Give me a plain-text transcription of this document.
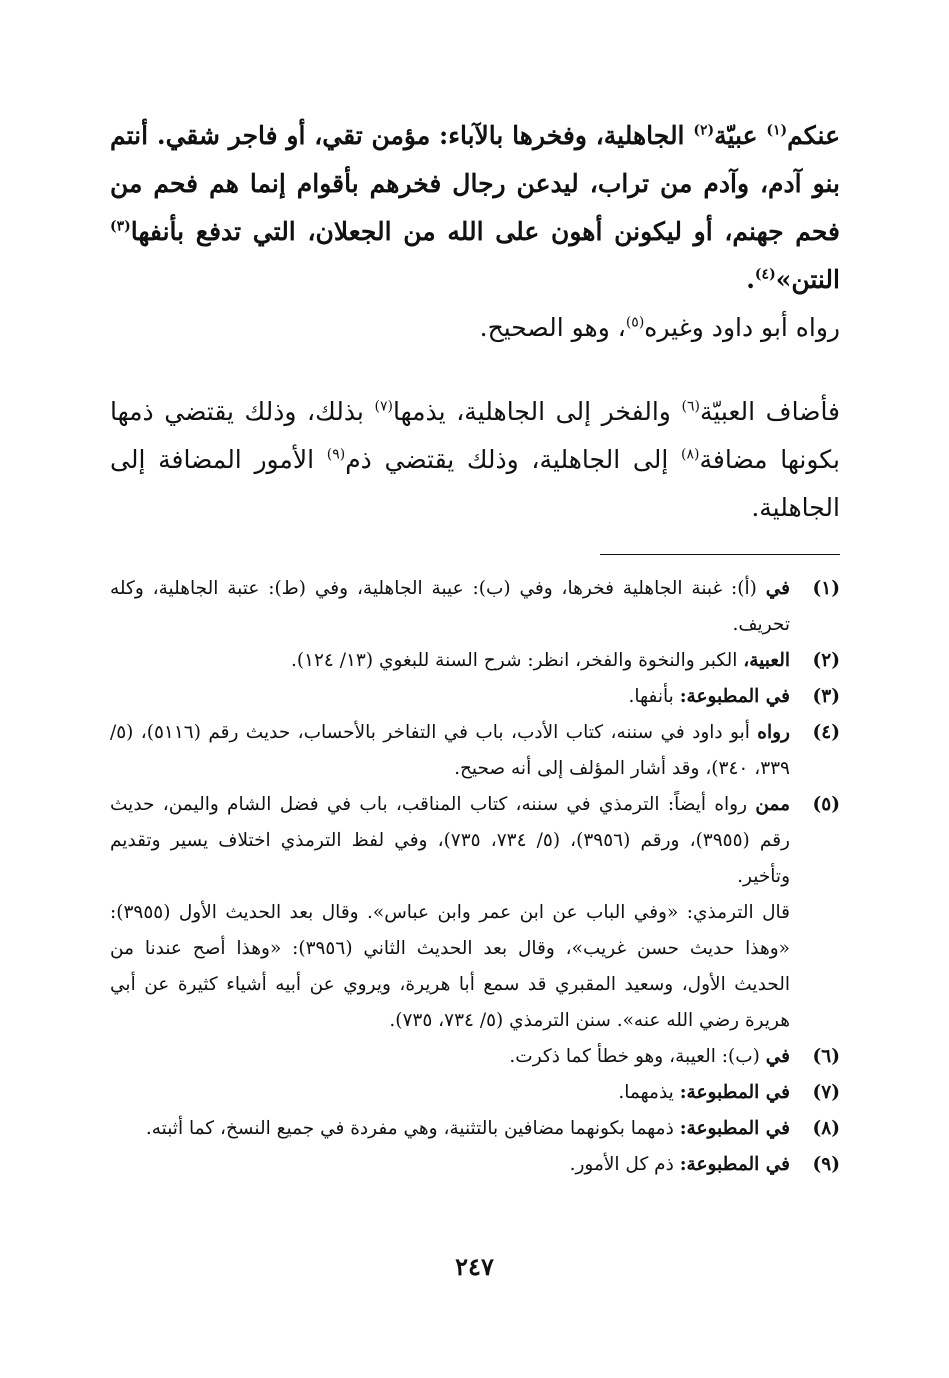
عنكم$^{(١)}$ عبيّة$^{(٢)}$ الجاهلية، وفخرها بالآباء: مؤمن تقي، أو فاجر شقي. أنتم بنو آدم، وآدم من تراب، ليدعن رجال فخرهم بأقوام إنما هم فحم من فحم جهنم، أو ليكونن أهون على الله من الجعلان، التي تدفع بأنفها$^{(٣)}$ النتن»$^{(٤)}$.
رواه أبو داود وغيره$^{(٥)}$، وهو الصحيح.

فأضاف العبيّة$^{(٦)}$ والفخر إلى الجاهلية، يذمها$^{(٧)}$ بذلك، وذلك يقتضي ذمها بكونها مضافة$^{(٨)}$ إلى الجاهلية، وذلك يقتضي ذم$^{(٩)}$ الأمور المضافة إلى الجاهلية.

(١)
في (أ): غبنة الجاهلية فخرها، وفي (ب): عيبة الجاهلية، وفي (ط): عتبة الجاهلية، وكله تحريف.
(٢)
العبية، الكبر والنخوة والفخر، انظر: شرح السنة للبغوي (١٣/ ١٢٤).
(٣)
في المطبوعة: بأنفها.
(٤)
رواه أبو داود في سننه، كتاب الأدب، باب في التفاخر بالأحساب، حديث رقم (٥١١٦)، (٥/ ٣٣٩، ٣٤٠)، وقد أشار المؤلف إلى أنه صحيح.
(٥)
ممن رواه أيضاً: الترمذي في سننه، كتاب المناقب، باب في فضل الشام واليمن، حديث رقم (٣٩٥٥)، ورقم (٣٩٥٦)، (٥/ ٧٣٤، ٧٣٥)، وفي لفظ الترمذي اختلاف يسير وتقديم وتأخير.
قال الترمذي: «وفي الباب عن ابن عمر وابن عباس». وقال بعد الحديث الأول (٣٩٥٥): «وهذا حديث حسن غريب»، وقال بعد الحديث الثاني (٣٩٥٦): «وهذا أصح عندنا من الحديث الأول، وسعيد المقبري قد سمع أبا هريرة، ويروي عن أبيه أشياء كثيرة عن أبي هريرة رضي الله عنه». سنن الترمذي (٥/ ٧٣٤، ٧٣٥).
(٦)
في (ب): العيبة، وهو خطأ كما ذكرت.
(٧)
في المطبوعة: يذمهما.
(٨)
في المطبوعة: ذمهما بكونهما مضافين بالتثنية، وهي مفردة في جميع النسخ، كما أثبته.
(٩)
في المطبوعة: ذم كل الأمور.
٢٤٧
